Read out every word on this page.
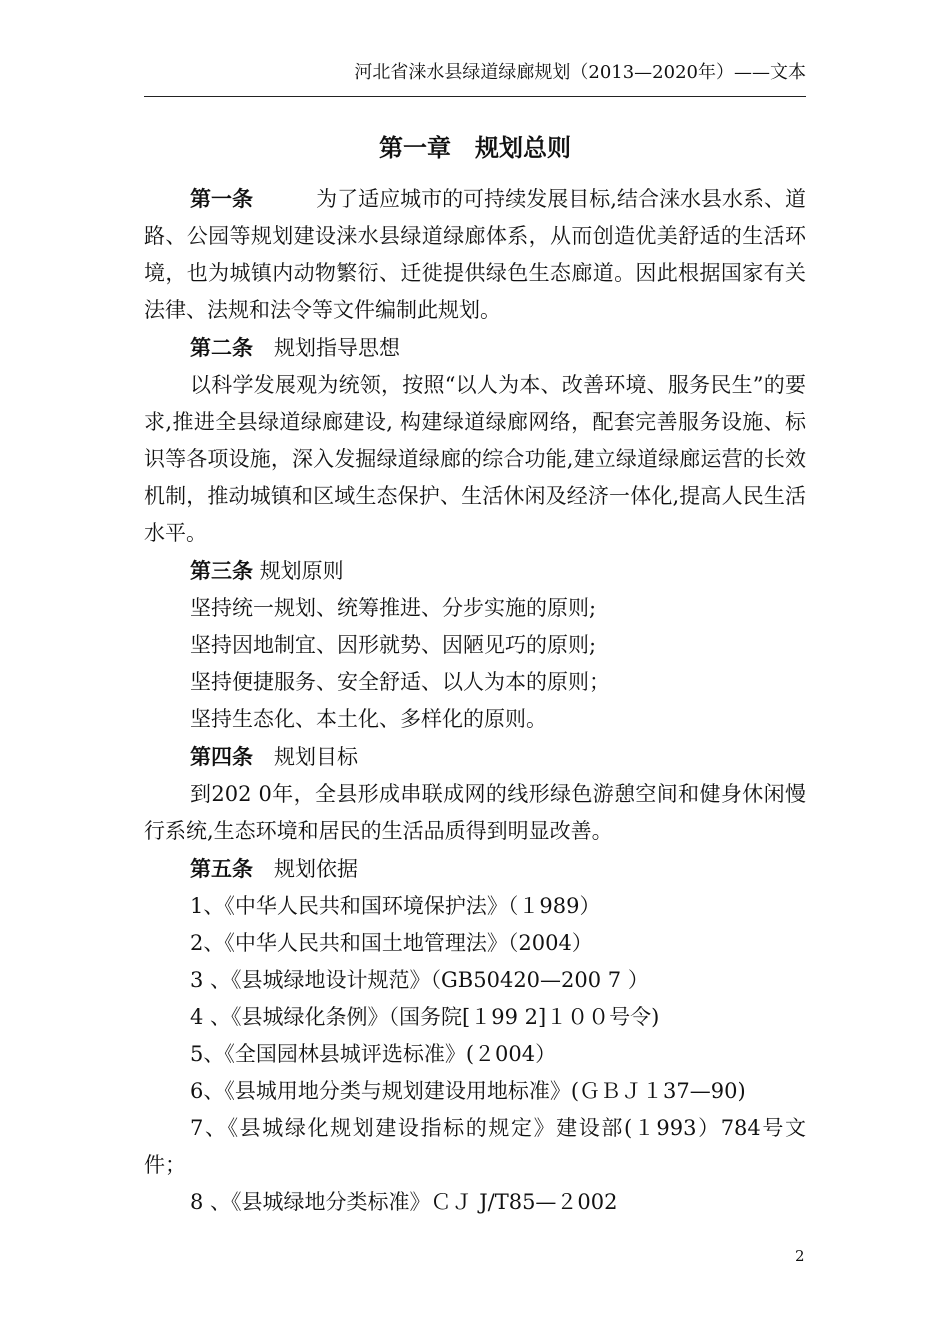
河北省涞水县绿道绿廊规划（2013—2020年）——文本
第一章　规划总则

第一条　　　	为了适应城市的可持续发展目标,结合涞水县水系、道路、公园等规划建设涞水县绿道绿廊体系，从而创造优美舒适的生活环境，也为城镇内动物繁衍、迁徙提供绿色生态廊道。因此根据国家有关法律、法规和法令等文件编制此规划。

第二条　 规划指导思想

以科学发展观为统领，按照“以人为本、改善环境、服务民生”的要求,推进全县绿道绿廊建设, 构建绿道绿廊网络，配套完善服务设施、标识等各项设施，深入发掘绿道绿廊的综合功能,建立绿道绿廊运营的长效机制，推动城镇和区域生态保护、生活休闲及经济一体化,提高人民生活水平。

第三条 规划原则

坚持统一规划、统筹推进、分步实施的原则;

坚持因地制宜、因形就势、因陋见巧的原则;

坚持便捷服务、安全舒适、以人为本的原则；

坚持生态化、本土化、多样化的原则。

第四条　 规划目标

到202 0年，全县形成串联成网的线形绿色游憩空间和健身休闲慢行系统,生态环境和居民的生活品质得到明显改善。

第五条　 规划依据

1、《中华人民共和国环境保护法》（１989）

2、《中华人民共和国土地管理法》（2004）

3 、《县城绿地设计规范》（GB50420—200 7 ）

4 、《县城绿化条例》（国务院[１99 2]１００号令)

5、《全国园林县城评选标准》(２004）

6、《县城用地分类与规划建设用地标准》(ＧＢＪ１37—90)

7、《县城绿化规划建设指标的规定》建设部(１993）784号文件；

8 、《县城绿地分类标准》ＣＪ J/T85—２002

2
